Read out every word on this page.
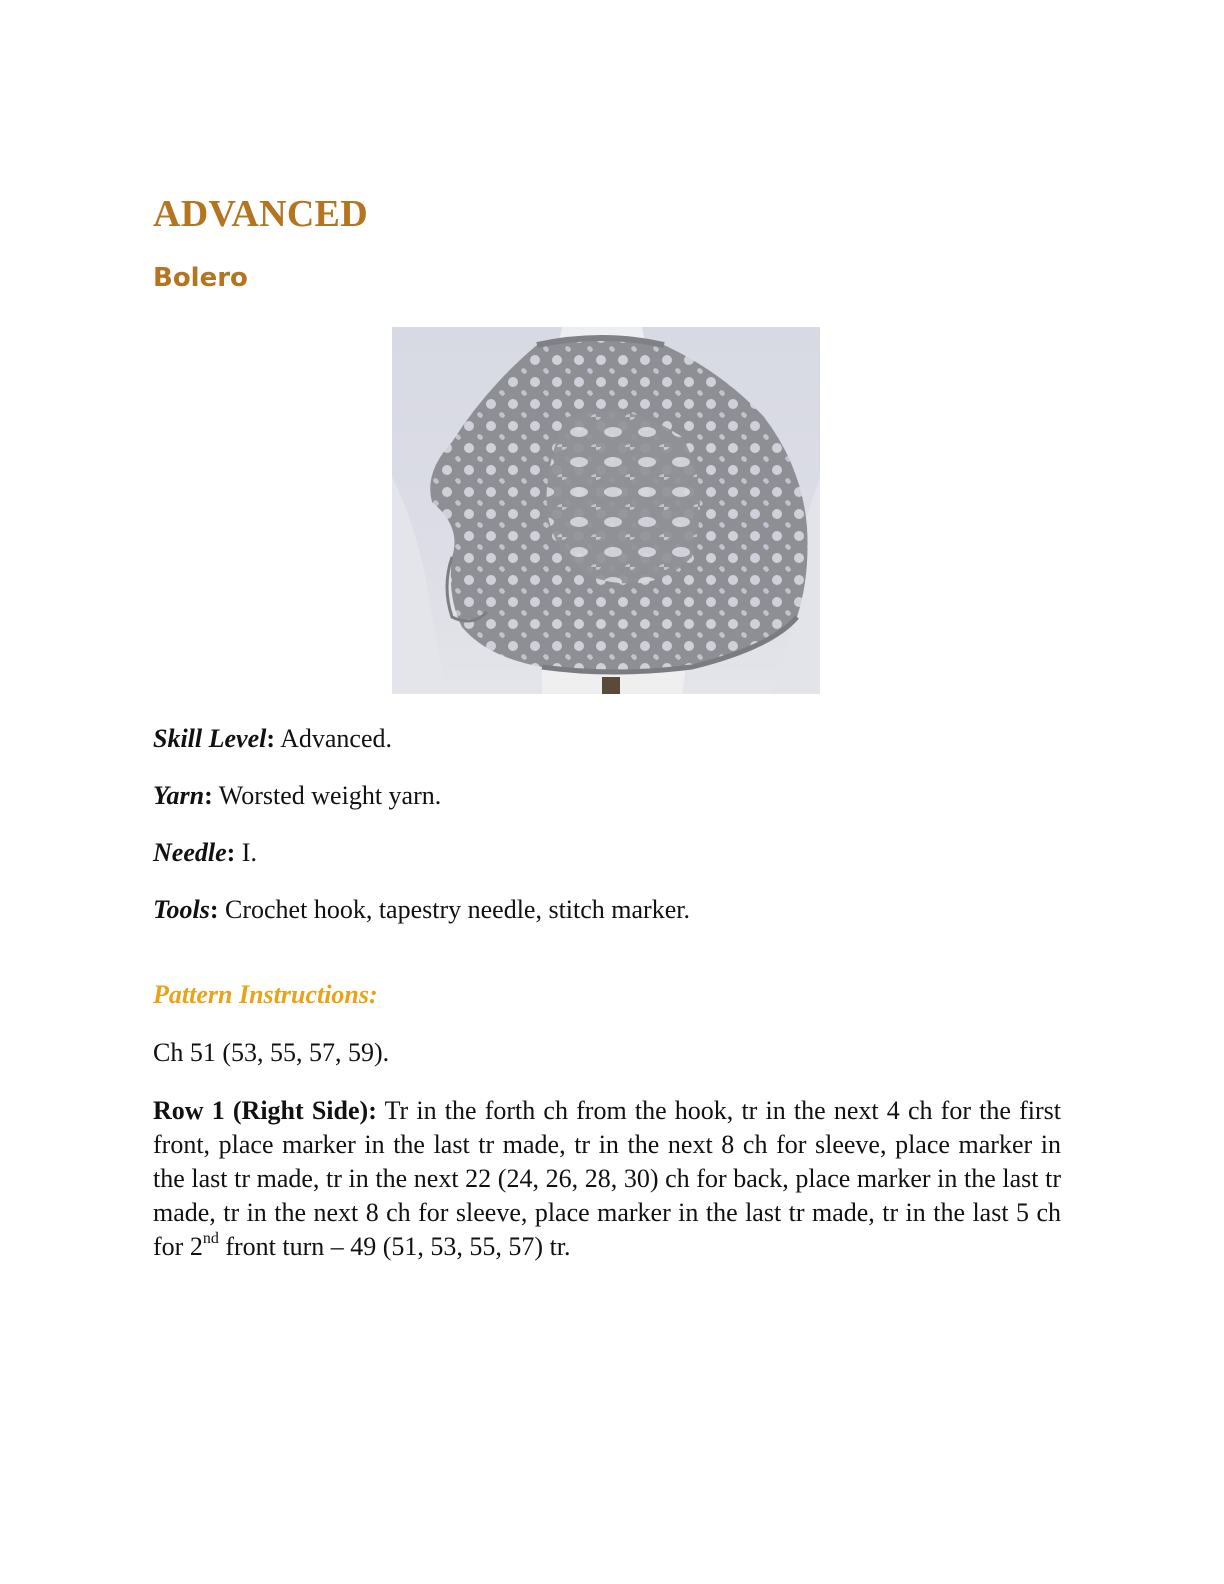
ADVANCED
Bolero

Skill Level: Advanced.

Yarn: Worsted weight yarn.

Needle: I.

Tools: Crochet hook, tapestry needle, stitch marker.

Pattern Instructions:

Ch 51 (53, 55, 57, 59).

Row 1 (Right Side): Tr in the forth ch from the hook, tr in the next 4 ch for the first front, place marker in the last tr made, tr in the next 8 ch for sleeve, place marker in the last tr made, tr in the next 22 (24, 26, 28, 30) ch for back, place marker in the last tr made, tr in the next 8 ch for sleeve, place marker in the last tr made, tr in the last 5 ch for 2nd front turn – 49 (51, 53, 55, 57) tr.
